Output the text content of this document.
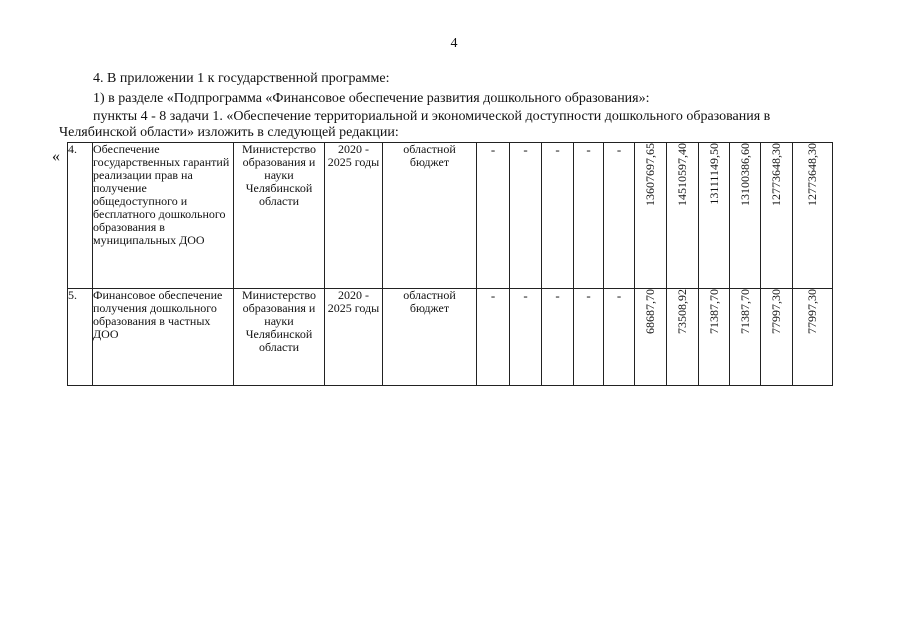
4
4. В приложении 1 к государственной программе:
1) в разделе «Подпрограмма «Финансовое обеспечение развития дошкольного образования»:
пункты 4 - 8 задачи 1. «Обеспечение территориальной и экономической доступности дошкольного образования в
Челябинской области» изложить в следующей редакции:
« 4.	Обеспечение государственных гарантий реализации прав на получение общедоступного и бесплатного дошкольного образования в муниципальных ДОО	Министерство образования и науки Челябинской области	2020 - 2025 годы	областной бюджет	-	-	-	-	-	13607697,65	14510597,40	13111149,50	13100386,60	12773648,30	12773648,30
5.	Финансовое обеспечение получения дошкольного образования в частных ДОО	Министерство образования и науки Челябинской области	2020 - 2025 годы	областной бюджет	-	-	-	-	-	68687,70	73508,92	71387,70	71387,70	77997,30	77997,30
